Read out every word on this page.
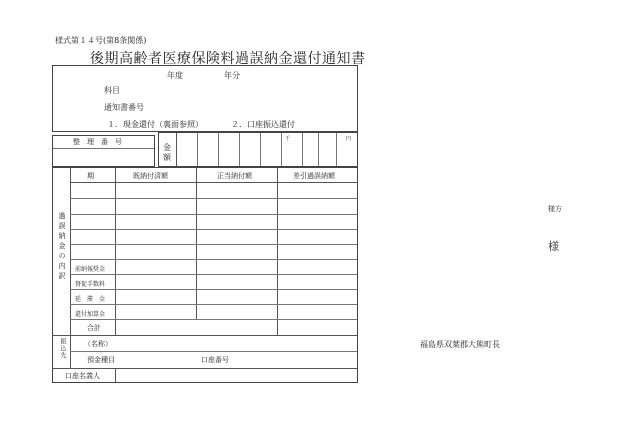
様式第１４号(第8条関係)
後期高齢者医療保険料過誤納金還付通知書
年度	年分
科目
通知書番号
１．現金還付（裏面参照）	２．口座振込還付
整　理　番　号
金
額
千	円
過誤納金の内訳
期	既納付済額	正当納付額	差引過誤納額
前納報奨金
督促手数料
延　滞　金
還付加算金
合計
振込先	（名称）
預金種目	口座番号
口座名義人
様方
様
福島県双葉郡大熊町長
